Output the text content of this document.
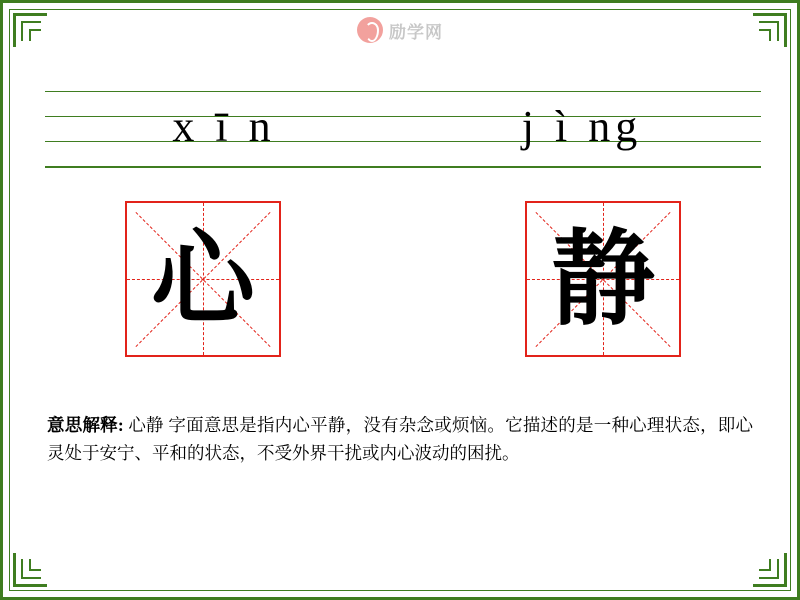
励学网
x ī n	j ì ng
心	静
意思解释: 心静 字面意思是指内心平静，没有杂念或烦恼。它描述的是一种心理状态，即心灵处于安宁、平和的状态，不受外界干扰或内心波动的困扰。
